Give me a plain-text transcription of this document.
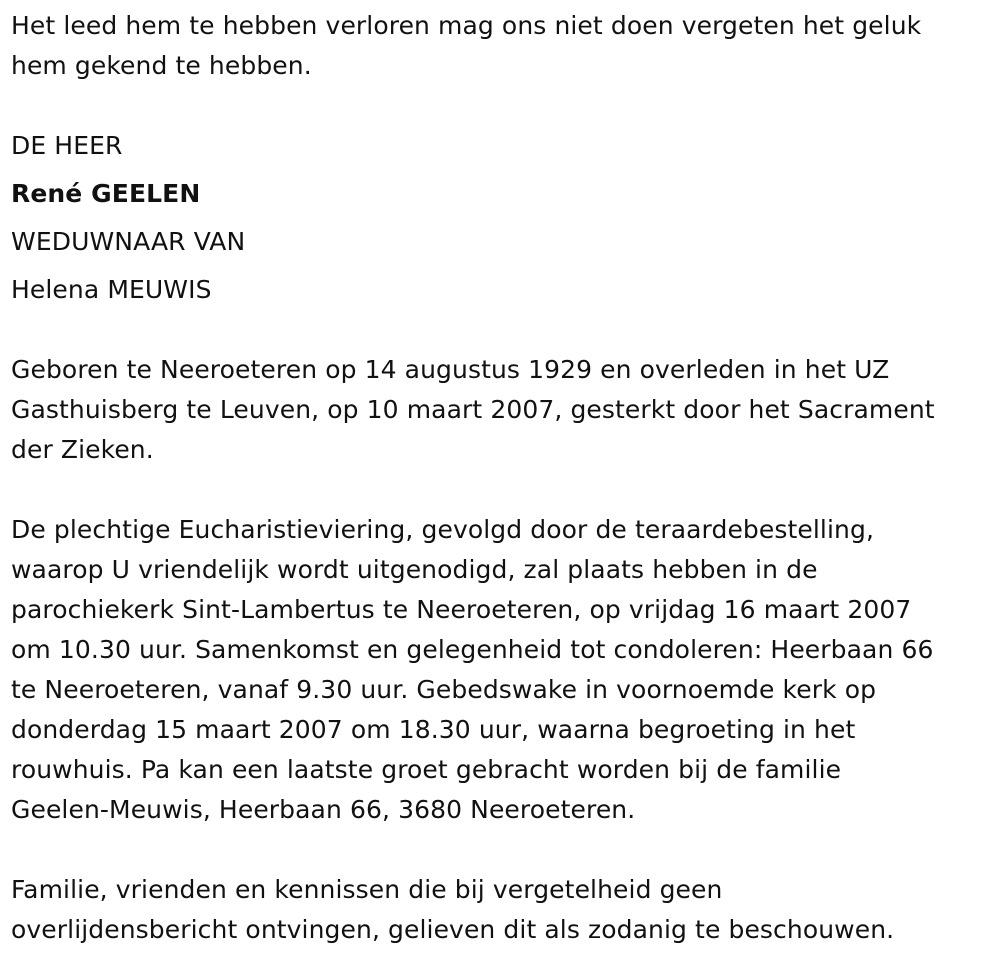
Het leed hem te hebben verloren mag ons niet doen vergeten het geluk
hem gekend te hebben.
DE HEER
René GEELEN
WEDUWNAAR VAN
Helena MEUWIS
Geboren te Neeroeteren op 14 augustus 1929 en overleden in het UZ
Gasthuisberg te Leuven, op 10 maart 2007, gesterkt door het Sacrament
der Zieken.
De plechtige Eucharistieviering, gevolgd door de teraardebestelling,
waarop U vriendelijk wordt uitgenodigd, zal plaats hebben in de
parochiekerk Sint-Lambertus te Neeroeteren, op vrijdag 16 maart 2007
om 10.30 uur. Samenkomst en gelegenheid tot condoleren: Heerbaan 66
te Neeroeteren, vanaf 9.30 uur. Gebedswake in voornoemde kerk op
donderdag 15 maart 2007 om 18.30 uur, waarna begroeting in het
rouwhuis. Pa kan een laatste groet gebracht worden bij de familie
Geelen-Meuwis, Heerbaan 66, 3680 Neeroeteren.
Familie, vrienden en kennissen die bij vergetelheid geen
overlijdensbericht ontvingen, gelieven dit als zodanig te beschouwen.
